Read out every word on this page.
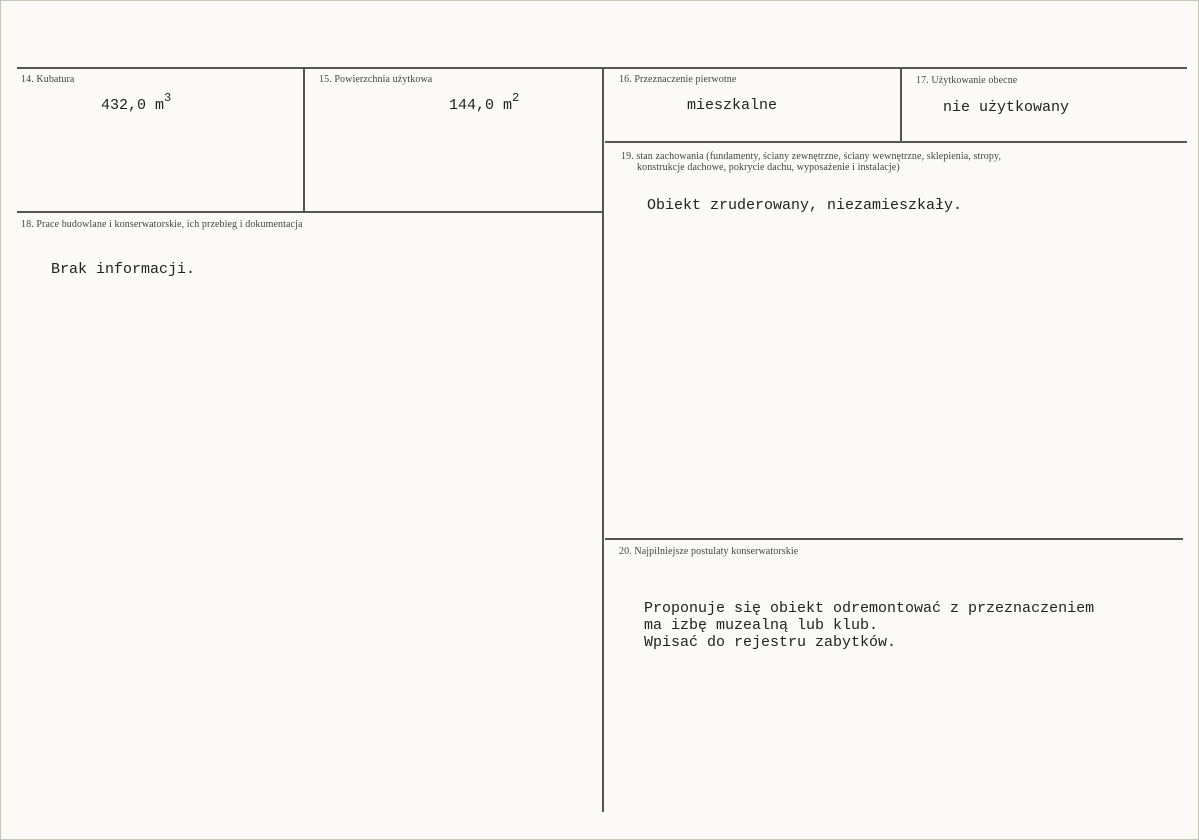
14. Kubatura
432,0 $m^3$
15. Powierzchnia użytkowa
144,0 $m^2$
16. Przeznaczenie pierwotne
mieszkalne
17. Użytkowanie obecne
nie użytkowany
18. Prace budowlane i konserwatorskie, ich przebieg i dokumentacja
Brak informacji.
19. stan zachowania (fundamenty, ściany zewnętrzne, ściany wewnętrzne, sklepienia, stropy,
konstrukcje dachowe, pokrycie dachu, wyposażenie i instalacje)
Obiekt zruderowany, niezamieszkały.
20. Najpilniejsze postulaty konserwatorskie
Proponuje się obiekt odremontować z przeznaczeniem
ma izbę muzealną lub klub.
Wpisać do rejestru zabytków.
